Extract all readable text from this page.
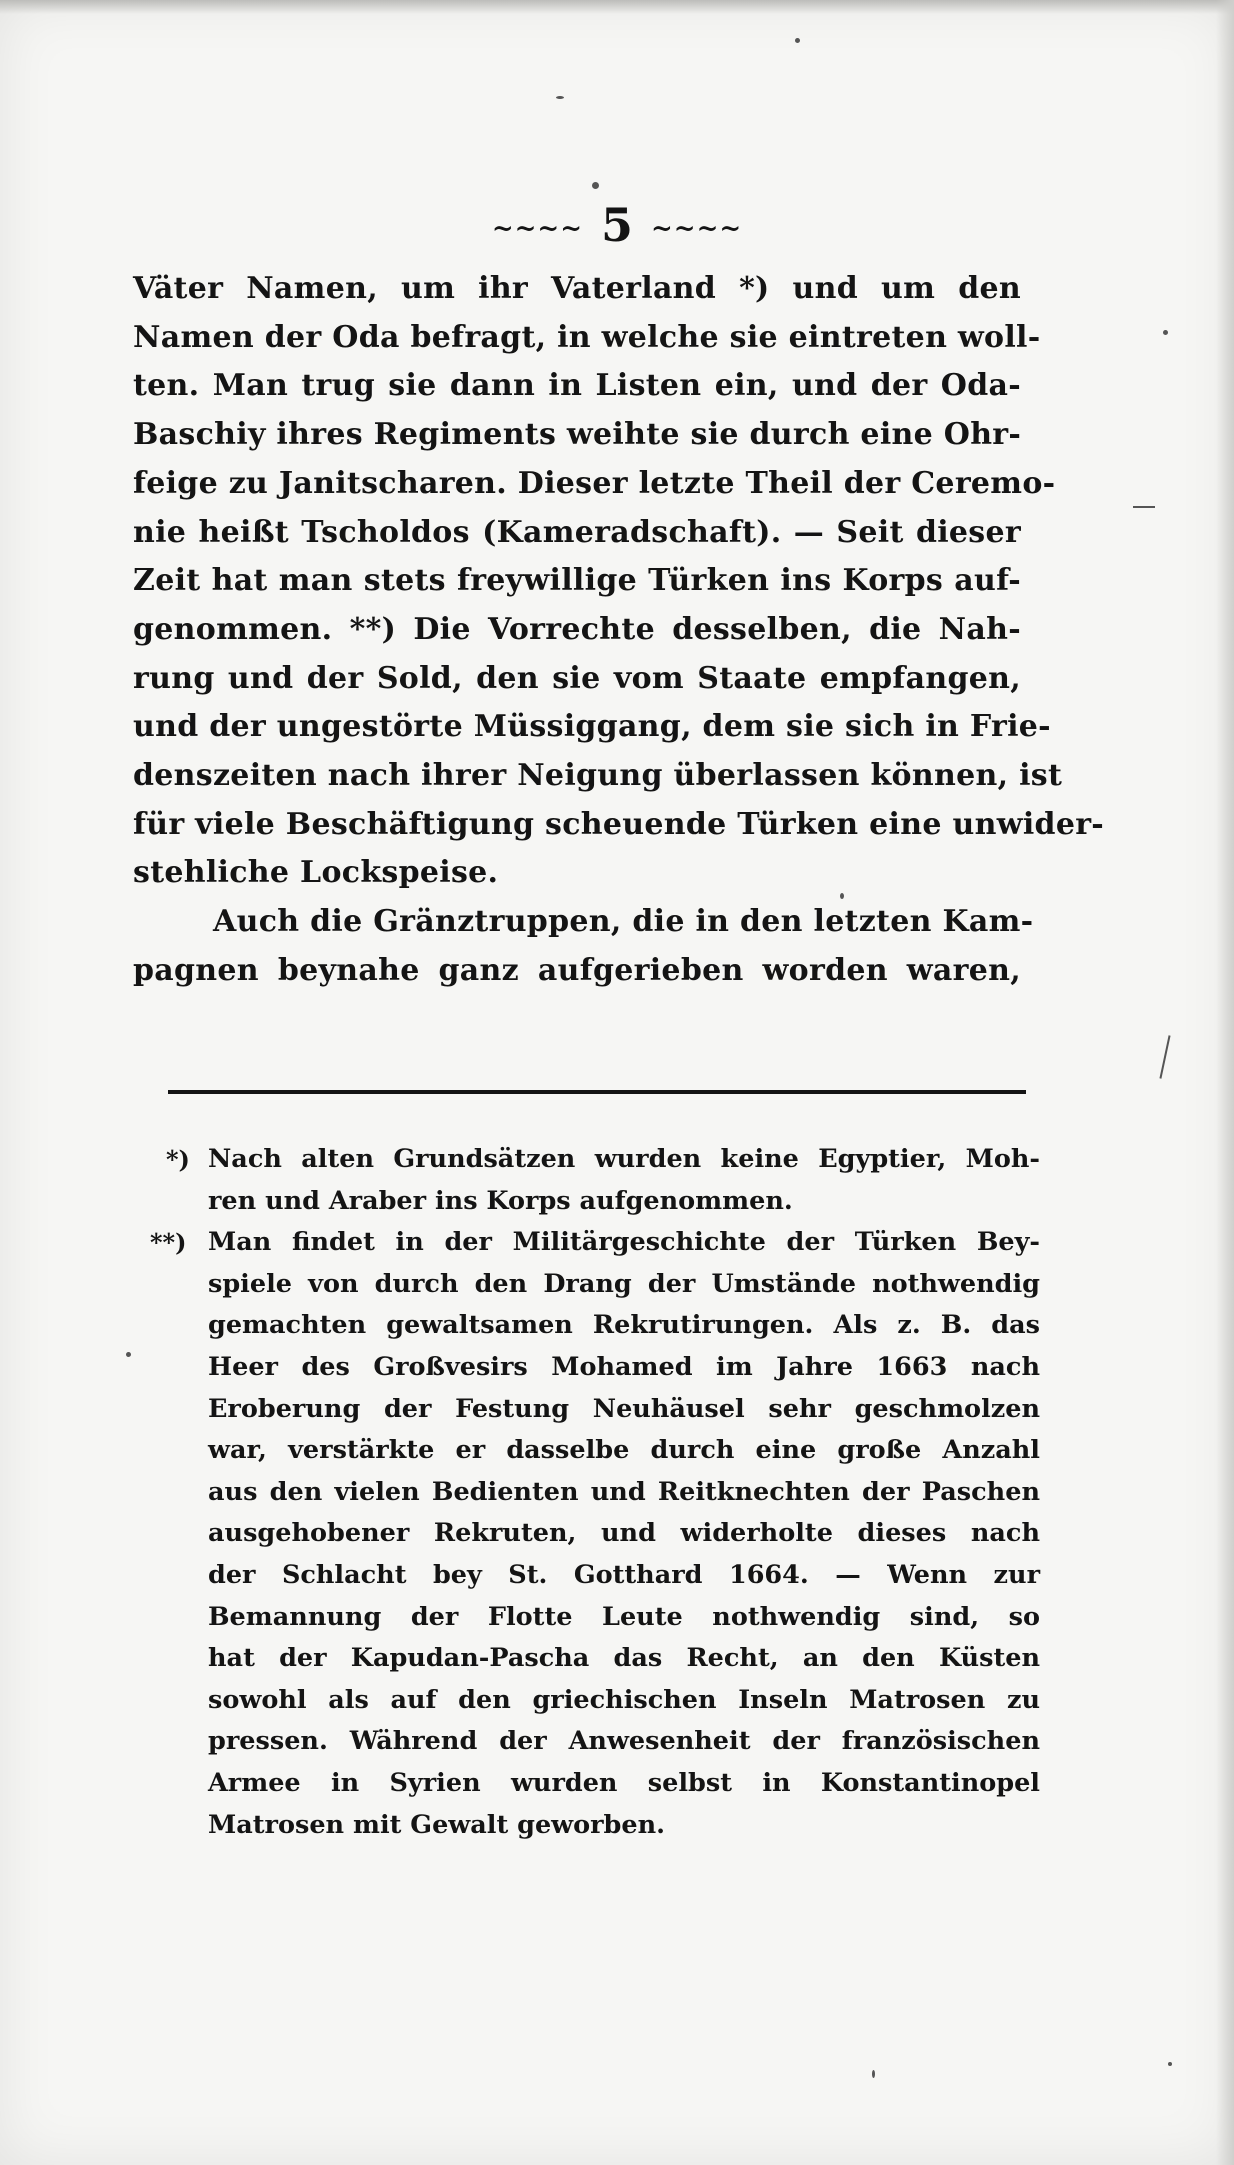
~~~~ 5 ~~~~
Väter Namen, um ihr Vaterland *) und um den
Namen der Oda befragt, in welche sie eintreten woll-
ten. Man trug sie dann in Listen ein, und der Oda-
Baschiy ihres Regiments weihte sie durch eine Ohr-
feige zu Janitscharen. Dieser letzte Theil der Ceremo-
nie heißt Tscholdos (Kameradschaft). — Seit dieser
Zeit hat man stets freywillige Türken ins Korps auf-
genommen. **) Die Vorrechte desselben, die Nah-
rung und der Sold, den sie vom Staate empfangen,
und der ungestörte Müssiggang, dem sie sich in Frie-
denszeiten nach ihrer Neigung überlassen können, ist
für viele Beschäftigung scheuende Türken eine unwider-
stehliche Lockspeise.
Auch die Gränztruppen, die in den letzten Kam-
pagnen beynahe ganz aufgerieben worden waren,
*) Nach alten Grundsätzen wurden keine Egyptier, Moh-
ren und Araber ins Korps aufgenommen.
**) Man findet in der Militärgeschichte der Türken Bey-
spiele von durch den Drang der Umstände nothwendig
gemachten gewaltsamen Rekrutirungen. Als z. B. das
Heer des Großvesirs Mohamed im Jahre 1663 nach
Eroberung der Festung Neuhäusel sehr geschmolzen
war, verstärkte er dasselbe durch eine große Anzahl
aus den vielen Bedienten und Reitknechten der Paschen
ausgehobener Rekruten, und widerholte dieses nach
der Schlacht bey St. Gotthard 1664. — Wenn zur
Bemannung der Flotte Leute nothwendig sind, so
hat der Kapudan-Pascha das Recht, an den Küsten
sowohl als auf den griechischen Inseln Matrosen zu
pressen. Während der Anwesenheit der französischen
Armee in Syrien wurden selbst in Konstantinopel
Matrosen mit Gewalt geworben.
